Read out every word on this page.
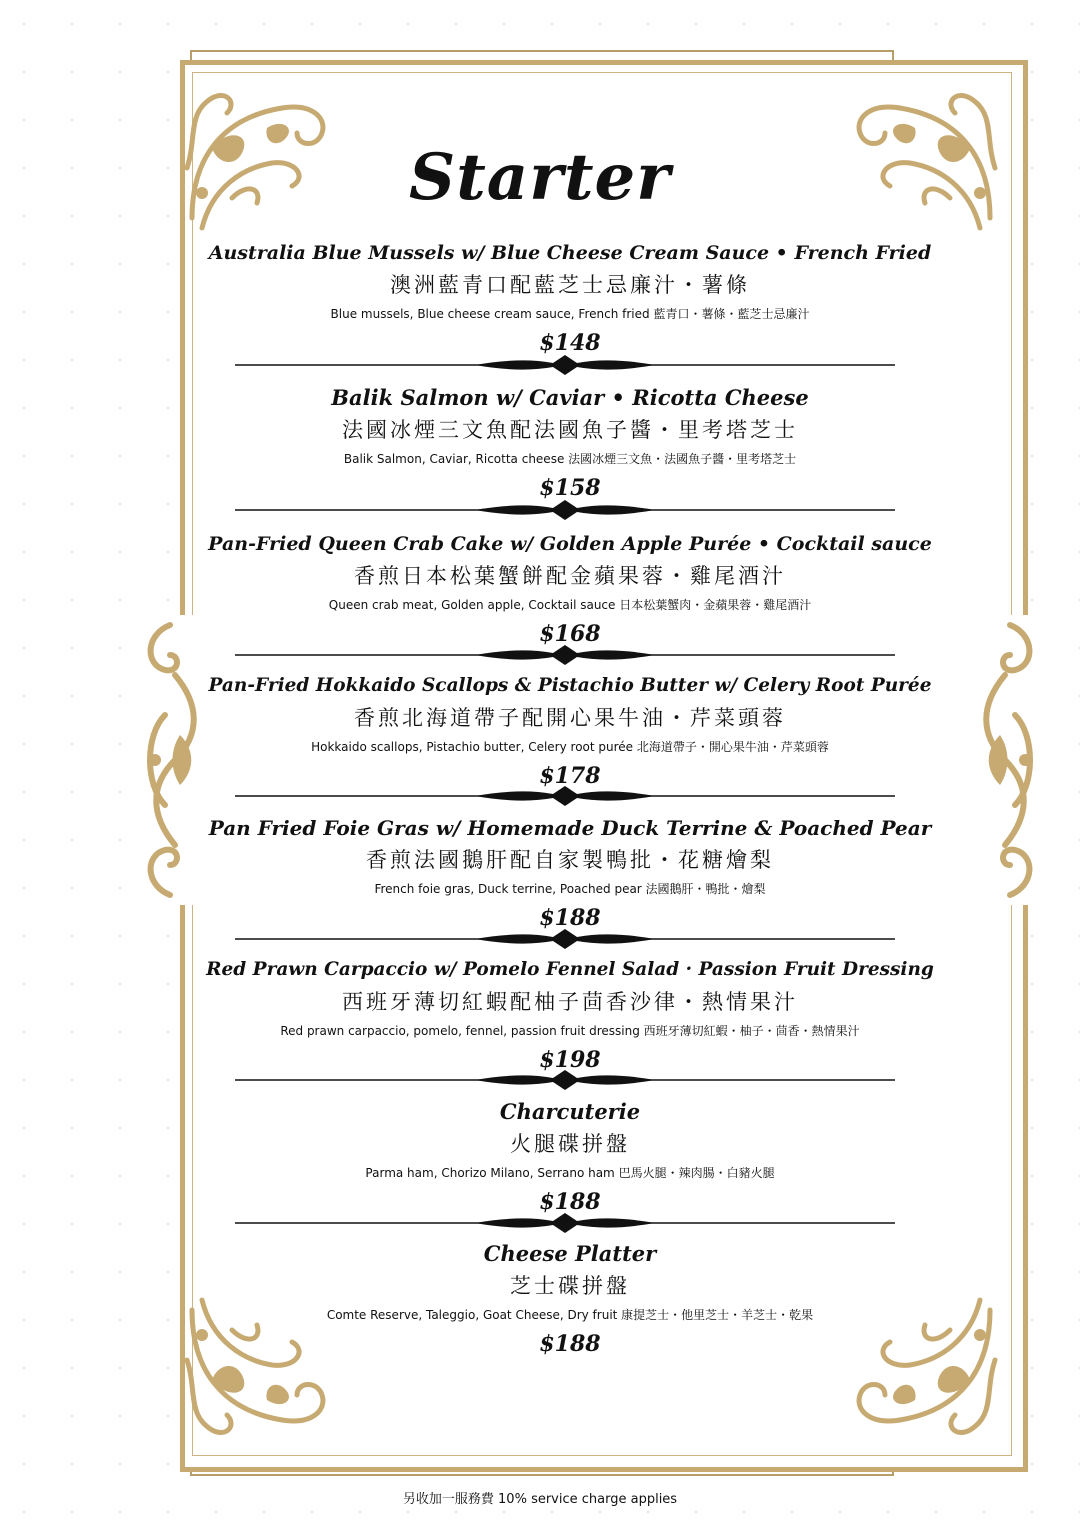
Starter
Australia Blue Mussels w/ Blue Cheese Cream Sauce • French Fried
澳洲藍青口配藍芝士忌廉汁・薯條
Blue mussels, Blue cheese cream sauce, French fried 藍青口・薯條・藍芝士忌廉汁
$148
Balik Salmon w/ Caviar • Ricotta Cheese
法國冰煙三文魚配法國魚子醬・里考塔芝士
Balik Salmon, Caviar, Ricotta cheese 法國冰煙三文魚・法國魚子醬・里考塔芝士
$158
Pan-Fried Queen Crab Cake w/ Golden Apple Purée • Cocktail sauce
香煎日本松葉蟹餅配金蘋果蓉・雞尾酒汁
Queen crab meat, Golden apple, Cocktail sauce 日本松葉蟹肉・金蘋果蓉・雞尾酒汁
$168
Pan-Fried Hokkaido Scallops & Pistachio Butter w/ Celery Root Purée
香煎北海道帶子配開心果牛油・芹菜頭蓉
Hokkaido scallops, Pistachio butter, Celery root purée 北海道帶子・開心果牛油・芹菜頭蓉
$178
Pan Fried Foie Gras w/ Homemade Duck Terrine & Poached Pear
香煎法國鵝肝配自家製鴨批・花糖燴梨
French foie gras, Duck terrine, Poached pear 法國鵝肝・鴨批・燴梨
$188
Red Prawn Carpaccio w/ Pomelo Fennel Salad · Passion Fruit Dressing
西班牙薄切紅蝦配柚子茴香沙律・熱情果汁
Red prawn carpaccio, pomelo, fennel, passion fruit dressing 西班牙薄切紅蝦・柚子・茴香・熱情果汁
$198
Charcuterie
火腿碟拼盤
Parma ham, Chorizo Milano, Serrano ham 巴馬火腿・辣肉腸・白豬火腿
$188
Cheese Platter
芝士碟拼盤
Comte Reserve, Taleggio, Goat Cheese, Dry fruit 康提芝士・他里芝士・羊芝士・乾果
$188
另收加一服務費 10% service charge applies
